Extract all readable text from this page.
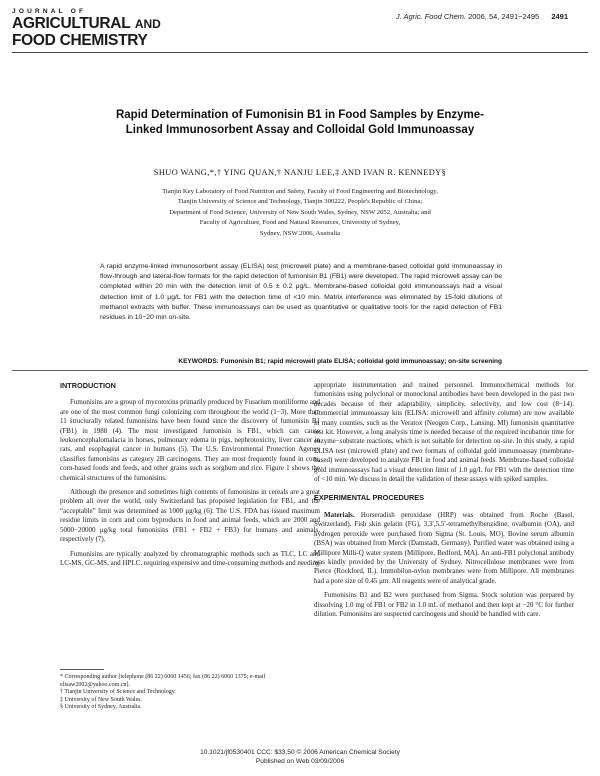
JOURNAL OF
AGRICULTURAL AND
FOOD CHEMISTRY
J. Agric. Food Chem. 2006, 54, 2491−2495 2491
Rapid Determination of Fumonisin B1 in Food Samples by Enzyme-Linked Immunosorbent Assay and Colloidal Gold Immunoassay
SHUO WANG,*,† YING QUAN,† NANJU LEE,‡ AND IVAN R. KENNEDY§
Tianjin Key Laboratory of Food Nutrition and Safety, Faculty of Food Engineering and Biotechnology,
Tianjin University of Science and Technology, Tianjin 300222, People's Republic of China;
Department of Food Science, University of New South Wales, Sydney, NSW 2052, Australia; and
Faculty of Agriculture, Food and Natural Resources, University of Sydney,
Sydney, NSW 2006, Australia
A rapid enzyme-linked immunosorbent assay (ELISA) test (microwell plate) and a membrane-based colloidal gold immunoassay in flow-through and lateral-flow formats for the rapid detection of fumonisin B1 (FB1) were developed. The rapid microwell assay can be completed within 20 min with the detection limit of 0.5 ± 0.2 μg/L. Membrane-based colloidal gold immunoassays had a visual detection limit of 1.0 μg/L for FB1 with the detection time of <10 min. Matrix interference was eliminated by 15-fold dilutions of methanol extracts with buffer. These immunoassays can be used as quantitative or qualitative tools for the rapid detection of FB1 residues in 10−20 min on-site.
KEYWORDS: Fumonisin B1; rapid microwell plate ELISA; colloidal gold immunoassay; on-site screening
INTRODUCTION

Fumonisins are a group of mycotoxins primarily produced by Fusarium moniliforme and are one of the most common fungi colonizing corn throughout the world (1−3). More than 11 structurally related fumonisins have been found since the discovery of fumonisin B1 (FB1) in 1988 (4). The most investigated fumonisin is FB1, which can cause leukoencephalomalacia in horses, pulmonary edema in pigs, nephrotoxicity, liver cancer in rats, and esophageal cancer in humans (5). The U.S. Environmental Protection Agency classifies fumonisins as category 2B carcinogens. They are most frequently found in corn, corn-based foods and feeds, and other grains such as sorghum and rice. Figure 1 shows the chemical structures of the fumonisins.

Although the presence and sometimes high contents of fumonisins in cereals are a great problem all over the world, only Switzerland has proposed legislation for FB1, and the “acceptable” limit was determined as 1000 μg/kg (6). The U.S. FDA has issued maximum residue limits in corn and corn byproducts in food and animal feeds, which are 2000 and 5000−20000 μg/kg total fumonisins (FB1 + FB2 + FB3) for humans and animals, respectively (7).

Fumonisins are typically analyzed by chromatographic methods such as TLC, LC and LC-MS, GC-MS, and HPLC, requiring expensive and time-consuming methods and needing

* Corresponding author [telephone (86 22) 6060 1456; fax (86 22) 6060 1375; e-mail elisaw2002@yahoo.com.cn].
† Tianjin University of Science and Technology.
‡ University of New South Wales.
§ University of Sydney, Australia.

appropriate instrumentation and trained personnel. Immunochemical methods for fumonisins using polyclonal or monoclonal antibodies have been developed in the past two decades because of their adaptability, simplicity, selectivity, and low cost (8−14). Commercial immunoassay kits (ELISA: microwell and affinity column) are now available in many counties, such as the Veratox (Neogen Corp., Lansing, MI) fumonisin quantitative test kit. However, a long analysis time is needed because of the required incubation time for enzyme−substrate reactions, which is not suitable for detection on-site. In this study, a rapid ELISA test (microwell plate) and two formats of colloidal gold immunoassay (membrane-based) were developed to analyze FB1 in food and animal feeds. Membrane-based colloidal gold immunoassays had a visual detection limit of 1.0 μg/L for FB1 with the detection time of <10 min. We discuss in detail the validation of these assays with spiked samples.

EXPERIMENTAL PROCEDURES

Materials. Horseradish peroxidase (HRP) was obtained from Roche (Basel, Switzerland). Fish skin gelatin (FG), 3,3′,5,5′-tetramethylbenzidine, ovalbumin (OA), and hydrogen peroxide were purchased from Sigma (St. Louis, MO). Bovine serum albumin (BSA) was obtained from Merck (Damstadt, Germany). Purified water was obtained using a Millipore Milli-Q water system (Millipore, Bedford, MA). An anti-FB1 polyclonal antibody was kindly provided by the University of Sydney. Nitrocellulose membranes were from Pierce (Rockford, IL). Immobilon-nylon membranes were from Millipore. All membranes had a pore size of 0.45 μm. All reagents were of analytical grade.

Fumonisins B1 and B2 were purchased from Sigma. Stock solution was prepared by dissolving 1.0 mg of FB1 or FB2 in 1.0 mL of methanol and then kept at −20 °C for further dilution. Fumonisins are suspected carcinogens and should be handled with care.

10.1021/jf0530401 CCC: $33.50 © 2006 American Chemical Society
Published on Web 03/09/2006
